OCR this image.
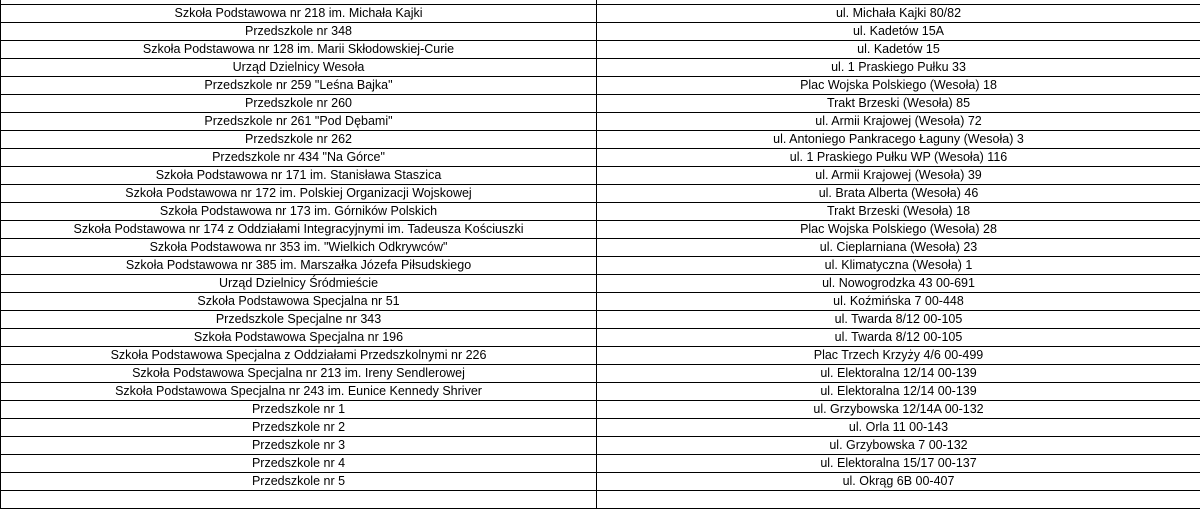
Szkoła Podstawowa nr 218 im. Michała Kajki	ul. Michała Kajki 80/82
Przedszkole nr 348	ul. Kadetów 15A
Szkoła Podstawowa nr 128 im. Marii Skłodowskiej-Curie	ul. Kadetów 15
Urząd Dzielnicy Wesoła	ul. 1 Praskiego Pułku 33
Przedszkole nr 259 "Leśna Bajka"	Plac Wojska Polskiego (Wesoła) 18
Przedszkole nr 260	Trakt Brzeski (Wesoła) 85
Przedszkole nr 261 "Pod Dębami"	ul. Armii Krajowej (Wesoła) 72
Przedszkole nr 262	ul. Antoniego Pankracego Łaguny (Wesoła) 3
Przedszkole nr 434 "Na Górce"	ul. 1 Praskiego Pułku WP (Wesoła) 116
Szkoła Podstawowa nr 171 im. Stanisława Staszica	ul. Armii Krajowej (Wesoła) 39
Szkoła Podstawowa nr 172 im. Polskiej Organizacji Wojskowej	ul. Brata Alberta (Wesoła) 46
Szkoła Podstawowa nr 173 im. Górników Polskich	Trakt Brzeski (Wesoła) 18
Szkoła Podstawowa nr 174 z Oddziałami Integracyjnymi im. Tadeusza Kościuszki	Plac Wojska Polskiego (Wesoła) 28
Szkoła Podstawowa nr 353 im. "Wielkich Odkrywców"	ul. Cieplarniana (Wesoła) 23
Szkoła Podstawowa nr 385 im. Marszałka Józefa Piłsudskiego	ul. Klimatyczna (Wesoła) 1
Urząd Dzielnicy Śródmieście	ul. Nowogrodzka 43 00-691
Szkoła Podstawowa Specjalna nr 51	ul. Koźmińska 7 00-448
Przedszkole Specjalne nr 343	ul. Twarda 8/12 00-105
Szkoła Podstawowa Specjalna nr 196	ul. Twarda 8/12 00-105
Szkoła Podstawowa Specjalna z Oddziałami Przedszkolnymi nr 226	Plac Trzech Krzyży 4/6 00-499
Szkoła Podstawowa Specjalna nr 213 im. Ireny Sendlerowej	ul. Elektoralna 12/14 00-139
Szkoła Podstawowa Specjalna nr 243 im. Eunice Kennedy Shriver	ul. Elektoralna 12/14 00-139
Przedszkole nr 1	ul. Grzybowska 12/14A 00-132
Przedszkole nr 2	ul. Orla 11 00-143
Przedszkole nr 3	ul. Grzybowska 7 00-132
Przedszkole nr 4	ul. Elektoralna 15/17 00-137
Przedszkole nr 5	ul. Okrąg 6B 00-407
